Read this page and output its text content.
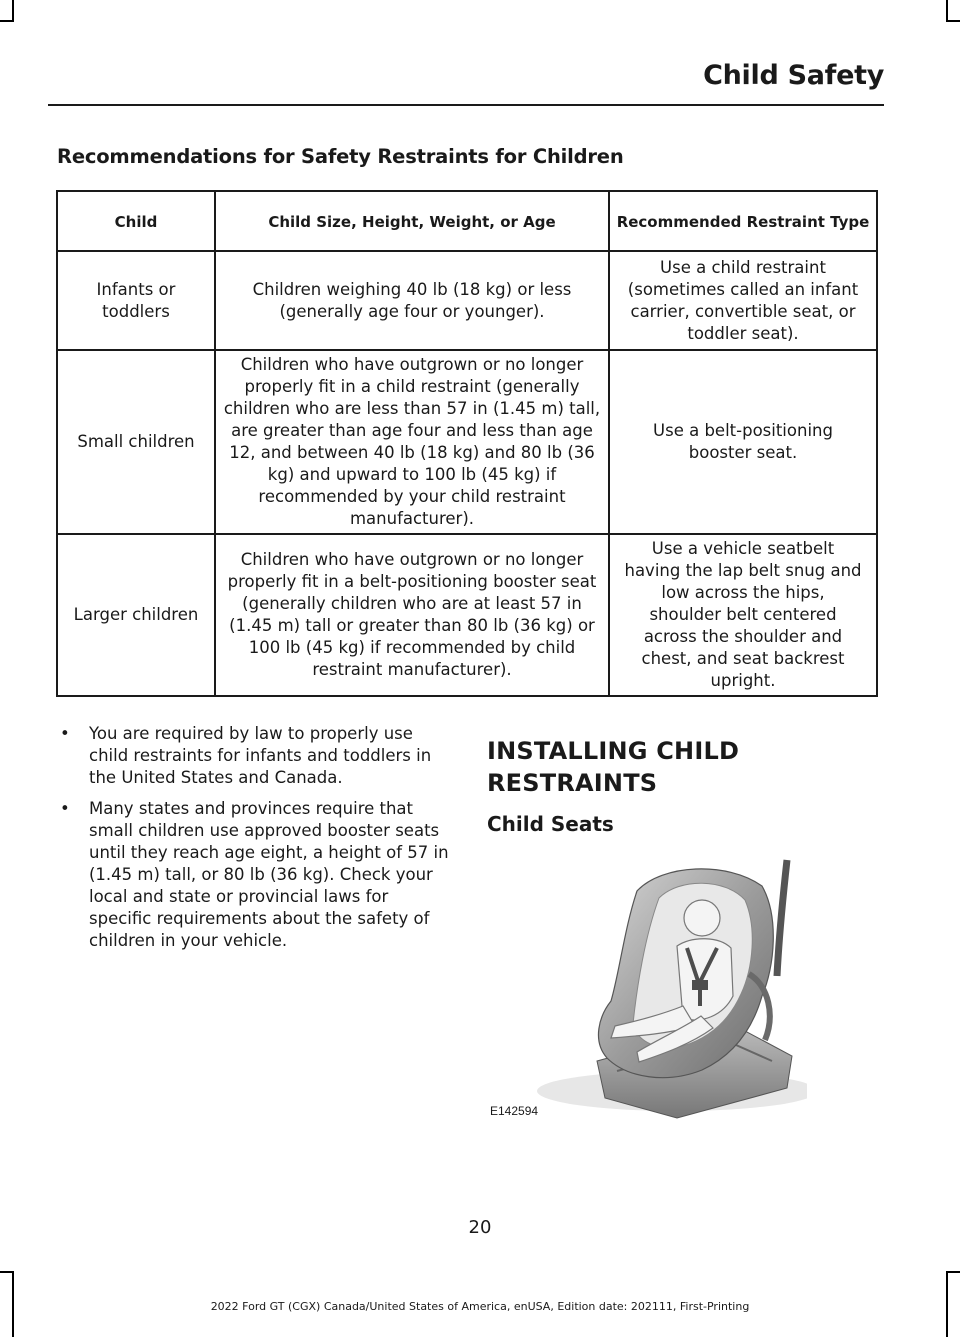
Child Safety
Recommendations for Safety Restraints for Children
Child	Child Size, Height, Weight, or Age	Recommended Restraint Type
Infants or toddlers	Children weighing 40 lb (18 kg) or less (generally age four or younger).	Use a child restraint (sometimes called an infant carrier, convertible seat, or toddler seat).
Small children	Children who have outgrown or no longer properly fit in a child restraint (generally children who are less than 57 in (1.45 m) tall, are greater than age four and less than age 12, and between 40 lb (18 kg) and 80 lb (36 kg) and upward to 100 lb (45 kg) if recommended by your child restraint manufacturer).	Use a belt-positioning booster seat.
Larger children	Children who have outgrown or no longer properly fit in a belt-positioning booster seat (generally children who are at least 57 in (1.45 m) tall or greater than 80 lb (36 kg) or 100 lb (45 kg) if recommended by child restraint manufacturer).	Use a vehicle seatbelt having the lap belt snug and low across the hips, shoulder belt centered across the shoulder and chest, and seat backrest upright.
• You are required by law to properly use child restraints for infants and toddlers in the United States and Canada.
• Many states and provinces require that small children use approved booster seats until they reach age eight, a height of 57 in (1.45 m) tall, or 80 lb (36 kg). Check your local and state or provincial laws for specific requirements about the safety of children in your vehicle.
INSTALLING CHILD RESTRAINTS
Child Seats
E142594
20
2022 Ford GT (CGX) Canada/United States of America, enUSA, Edition date: 202111, First-Printing
